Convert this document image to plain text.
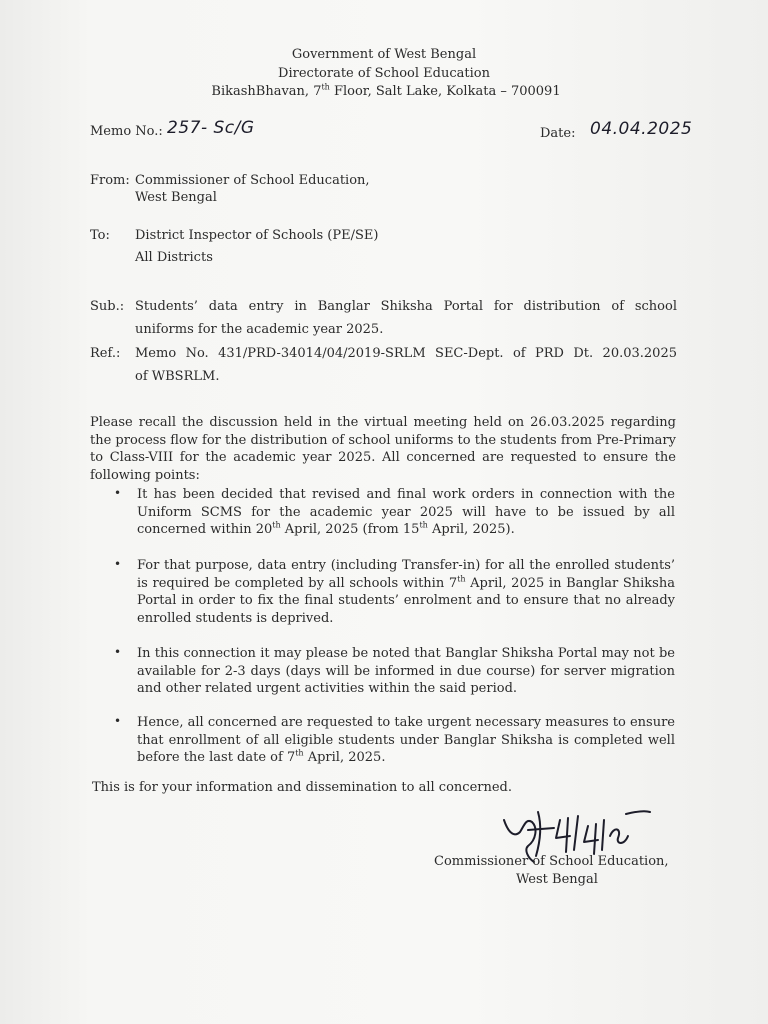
Government of West Bengal

Directorate of School Education

BikashBhavan, 7th Floor, Salt Lake, Kolkata – 700091

Memo No.: 257- Sc/G	Date: 04.04.2025

From: Commissioner of School Education,

West Bengal

To: District Inspector of Schools (PE/SE)

All Districts

Sub.: Students’ data entry in Banglar Shiksha Portal for distribution of school

uniforms for the academic year 2025.

Ref.: Memo No. 431/PRD-34014/04/2019-SRLM SEC-Dept. of PRD Dt. 20.03.2025

of WBSRLM.

Please recall the discussion held in the virtual meeting held on 26.03.2025 regarding the process flow for the distribution of school uniforms to the students from Pre-Primary to Class-VIII for the academic year 2025. All concerned are requested to ensure the following points:

• It has been decided that revised and final work orders in connection with the Uniform SCMS for the academic year 2025 will have to be issued by all concerned within 20th April, 2025 (from 15th April, 2025).

• For that purpose, data entry (including Transfer-in) for all the enrolled students’ is required be completed by all schools within 7th April, 2025 in Banglar Shiksha Portal in order to fix the final students’ enrolment and to ensure that no already enrolled students is deprived.

• In this connection it may please be noted that Banglar Shiksha Portal may not be available for 2-3 days (days will be informed in due course) for server migration and other related urgent activities within the said period.

• Hence, all concerned are requested to take urgent necessary measures to ensure that enrollment of all eligible students under Banglar Shiksha is completed well before the last date of 7th April, 2025.

This is for your information and dissemination to all concerned.

Commissioner of School Education,

West Bengal
